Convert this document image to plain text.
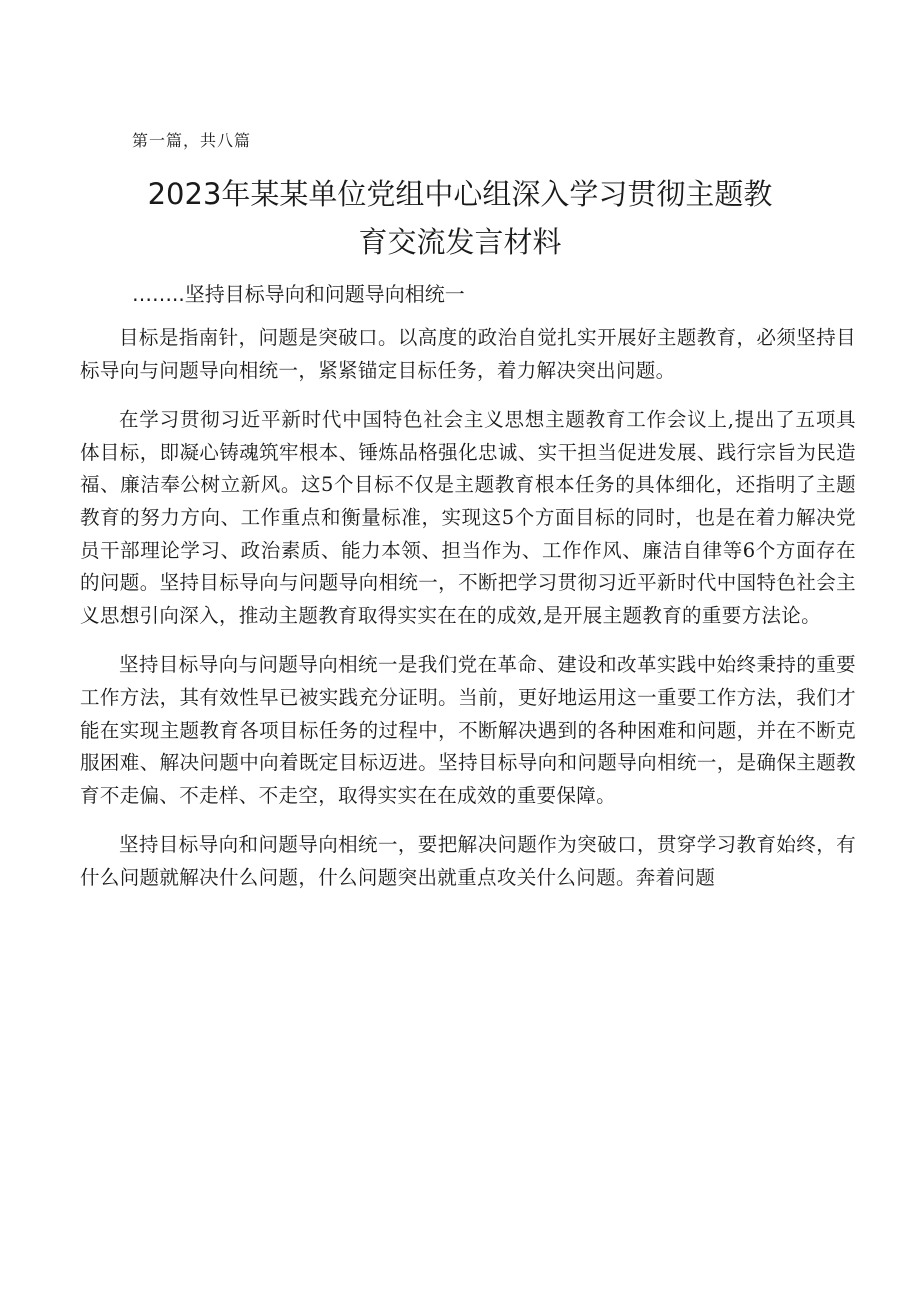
第一篇，共八篇
2023年某某单位党组中心组深入学习贯彻主题教
育交流发言材料
……..坚持目标导向和问题导向相统一

目标是指南针，问题是突破口。以高度的政治自觉扎实开展好主题教育，必须坚持目标导向与问题导向相统一，紧紧锚定目标任务，着力解决突出问题。

在学习贯彻习近平新时代中国特色社会主义思想主题教育工作会议上,提出了五项具体目标，即凝心铸魂筑牢根本、锤炼品格强化忠诚、实干担当促进发展、践行宗旨为民造福、廉洁奉公树立新风。这5个目标不仅是主题教育根本任务的具体细化，还指明了主题教育的努力方向、工作重点和衡量标准，实现这5个方面目标的同时，也是在着力解决党员干部理论学习、政治素质、能力本领、担当作为、工作作风、廉洁自律等6个方面存在的问题。坚持目标导向与问题导向相统一，不断把学习贯彻习近平新时代中国特色社会主义思想引向深入，推动主题教育取得实实在在的成效,是开展主题教育的重要方法论。

坚持目标导向与问题导向相统一是我们党在革命、建设和改革实践中始终秉持的重要工作方法，其有效性早已被实践充分证明。当前，更好地运用这一重要工作方法，我们才能在实现主题教育各项目标任务的过程中，不断解决遇到的各种困难和问题，并在不断克服困难、解决问题中向着既定目标迈进。坚持目标导向和问题导向相统一，是确保主题教育不走偏、不走样、不走空，取得实实在在成效的重要保障。

坚持目标导向和问题导向相统一，要把解决问题作为突破口，贯穿学习教育始终，有什么问题就解决什么问题，什么问题突出就重点攻关什么问题。奔着问题
